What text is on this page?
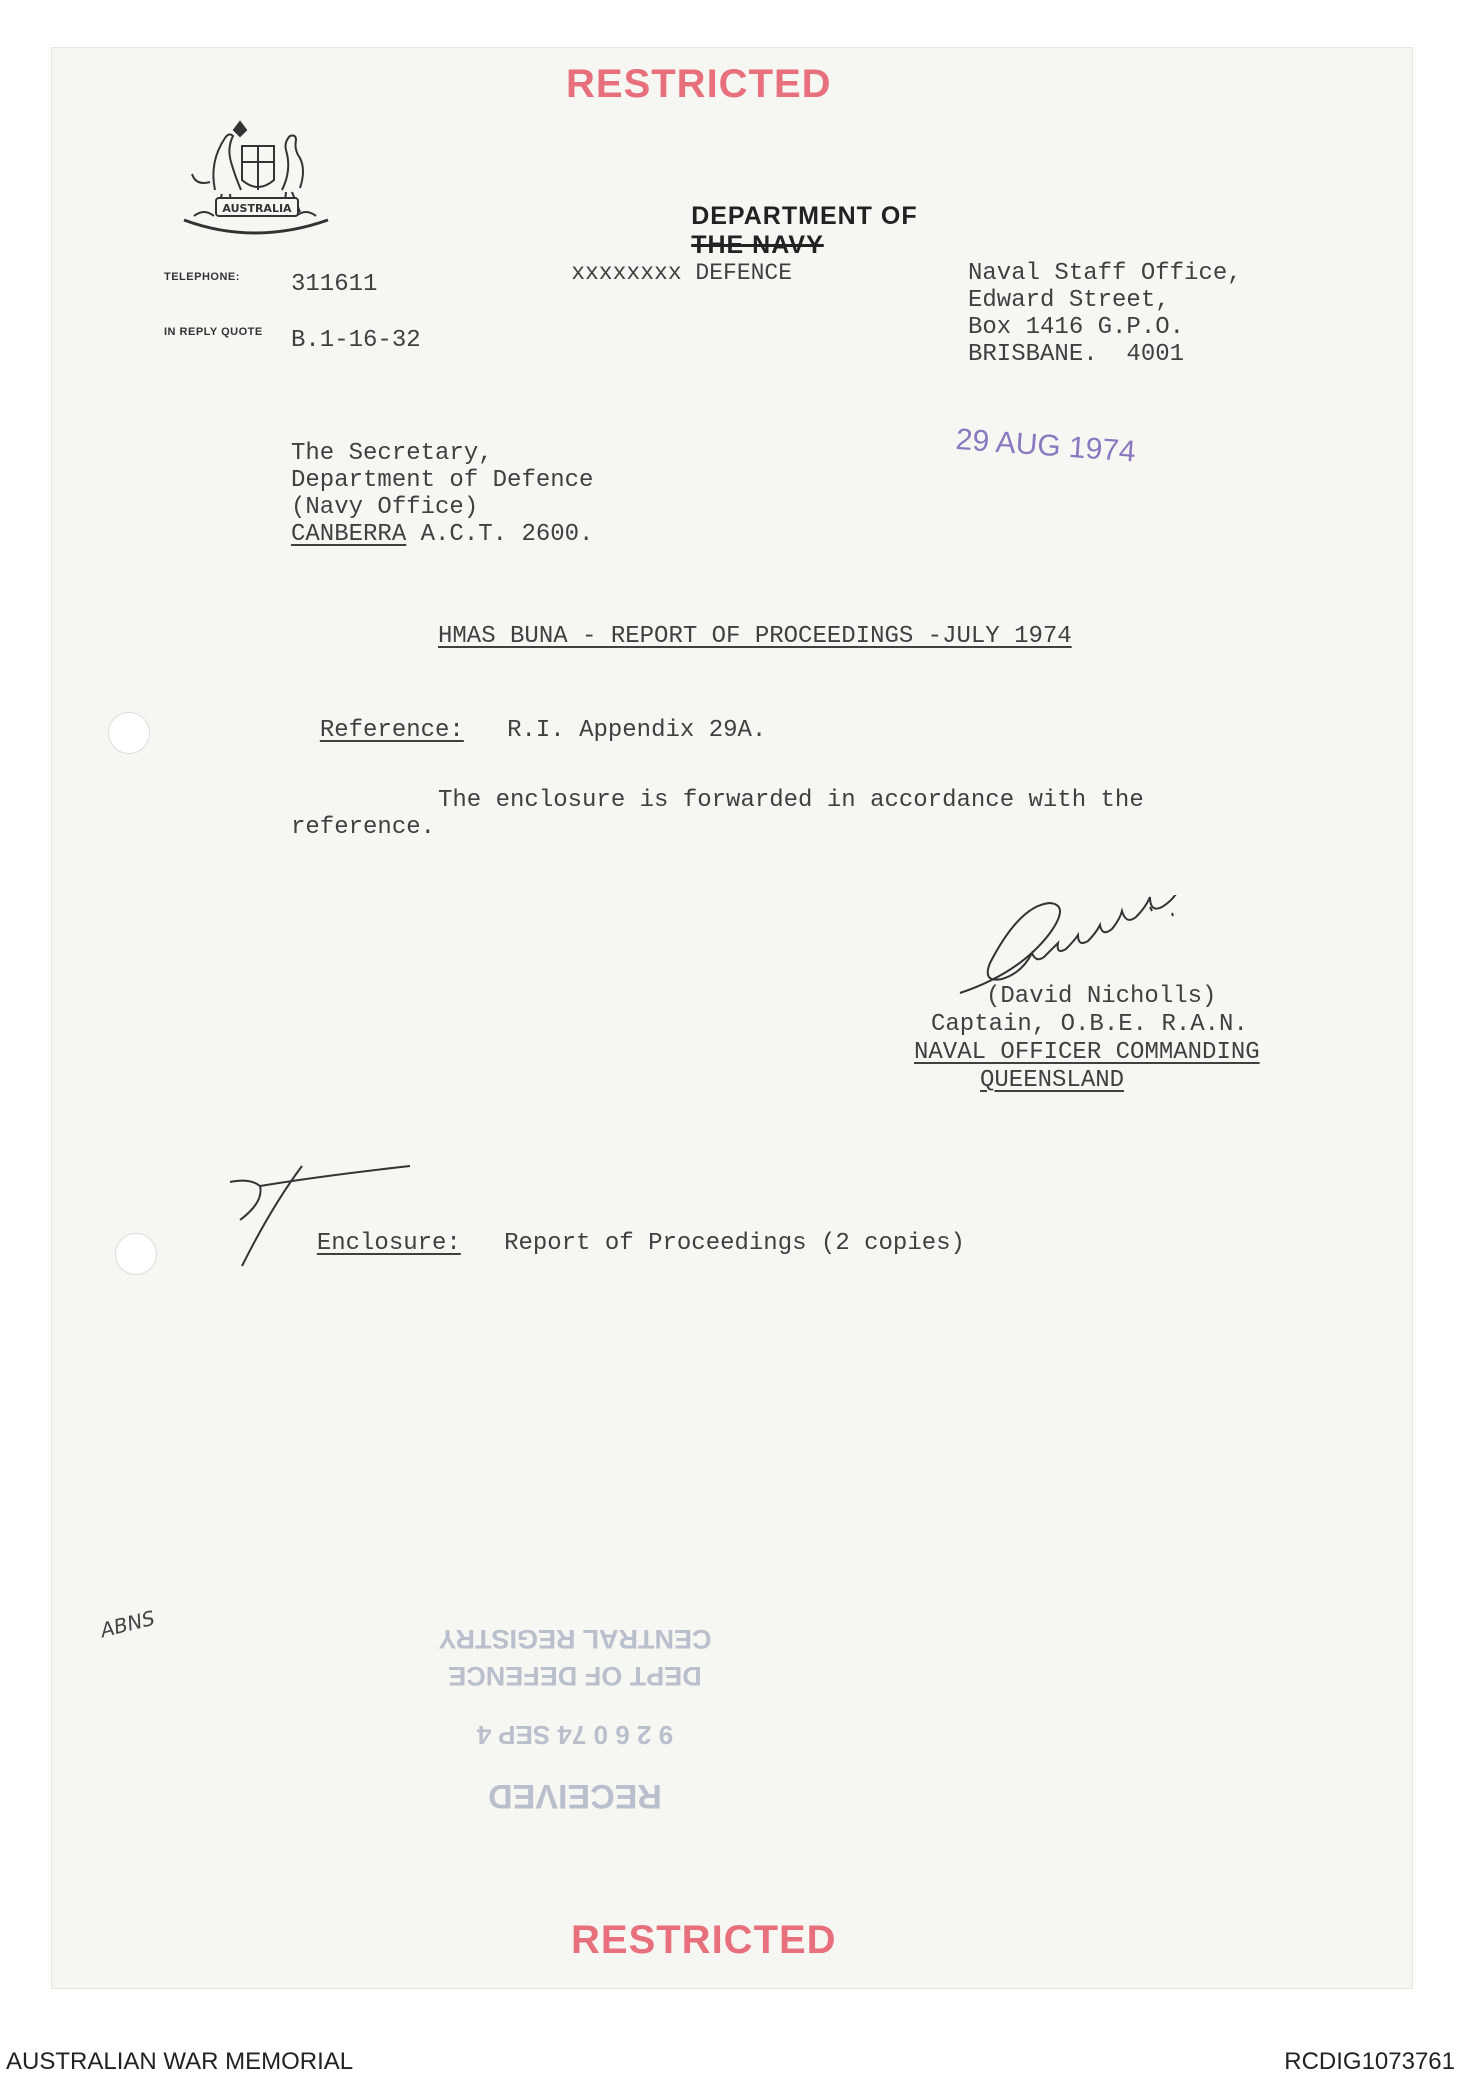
RESTRICTED
AUSTRALIA	DEPARTMENT OF
THE NAVY
xxxxxxxx DEFENCE

TELEPHONE: 311611
IN REPLY QUOTE B.1-16-32
Naval Staff Office,
Edward Street,
Box 1416 G.P.O.
BRISBANE.  4001
29 AUG 1974
The Secretary,
Department of Defence
(Navy Office)
CANBERRA A.C.T. 2600.
HMAS BUNA - REPORT OF PROCEEDINGS -JULY 1974

Reference: R.I. Appendix 29A.

The enclosure is forwarded in accordance with the
reference.
(David Nicholls)
Captain, O.B.E. R.A.N.
NAVAL OFFICER COMMANDING
QUEENSLAND

Enclosure: Report of Proceedings (2 copies)

ABNS
RECEIVED
9 2 6 0 74 SEP 4
DEPT OF DEFENCE
CENTRAL REGISTRY
RESTRICTED
AUSTRALIAN WAR MEMORIAL	RCDIG1073761
